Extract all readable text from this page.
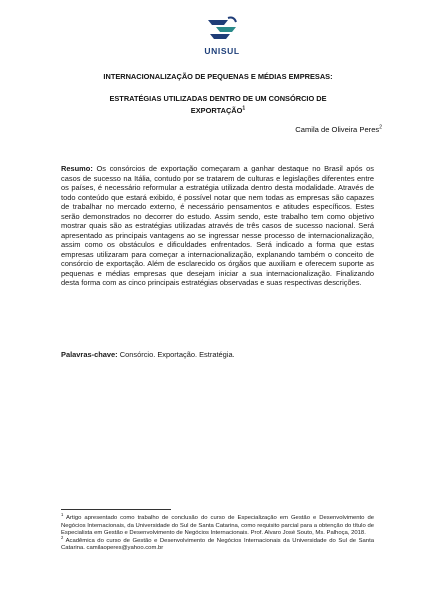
UNISUL
INTERNACIONALIZAÇÃO DE PEQUENAS E MÉDIAS EMPRESAS:
ESTRATÉGIAS UTILIZADAS DENTRO DE UM CONSÓRCIO DE
EXPORTAÇÃO$^1$
Camila de Oliveira Peres$^2$
Resumo: Os consórcios de exportação começaram a ganhar destaque no Brasil após os casos de sucesso na Itália, contudo por se tratarem de culturas e legislações diferentes entre os países, é necessário reformular a estratégia utilizada dentro desta modalidade. Através de todo conteúdo que estará exibido, é possível notar que nem todas as empresas são capazes de trabalhar no mercado externo, é necessário pensamentos e atitudes específicos. Estes serão demonstrados no decorrer do estudo. Assim sendo, este trabalho tem como objetivo mostrar quais são as estratégias utilizadas através de três casos de sucesso nacional. Será apresentado as principais vantagens ao se ingressar nesse processo de internacionalização, assim como os obstáculos e dificuldades enfrentados. Será indicado a forma que estas empresas utilizaram para começar a internacionalização, explanando também o conceito de consórcio de exportação. Além de esclarecido os órgãos que auxiliam e oferecem suporte as pequenas e médias empresas que desejam iniciar a sua internacionalização. Finalizando desta forma com as cinco principais estratégias observadas e suas respectivas descrições.
Palavras-chave: Consórcio. Exportação. Estratégia.

$^1$ Artigo apresentado como trabalho de conclusão do curso de Especialização em Gestão e Desenvolvimento de Negócios Internacionais, da Universidade do Sul de Santa Catarina, como requisito parcial para a obtenção do título de Especialista em Gestão e Desenvolvimento de Negócios Internacionais. Prof. Alvaro José Souto, Ms. Palhoça, 2018.

$^2$ Acadêmica do curso de Gestão e Desenvolvimento de Negócios Internacionais da Universidade do Sul de Santa Catarina. camilaoperes@yahoo.com.br
